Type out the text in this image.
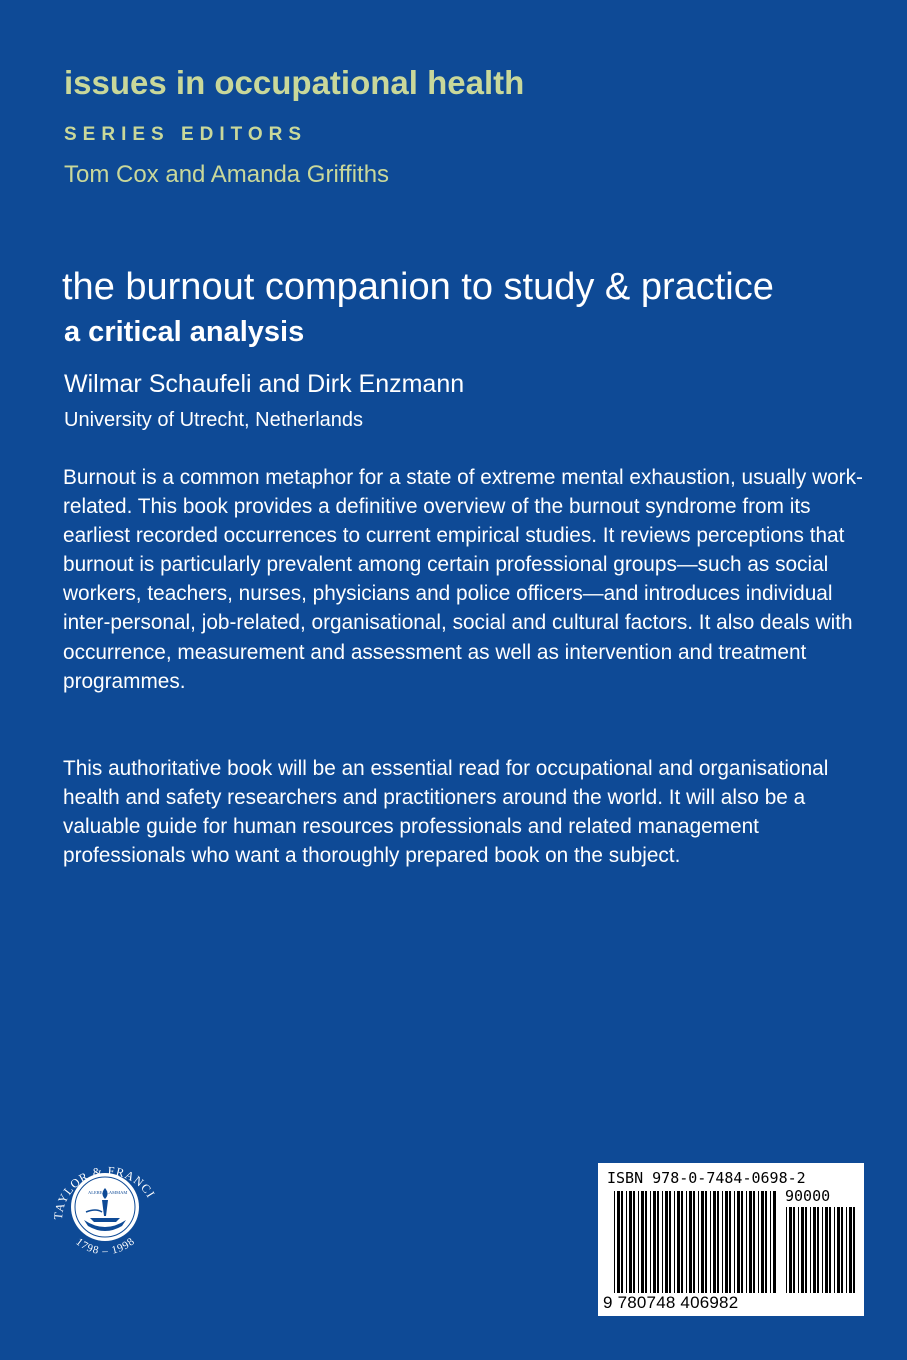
issues in occupational health
SERIES EDITORS
Tom Cox and Amanda Griffiths
the burnout companion to study & practice
a critical analysis
Wilmar Schaufeli and Dirk Enzmann
University of Utrecht, Netherlands

Burnout is a common metaphor for a state of extreme mental exhaustion, usually work-related. This book provides a definitive overview of the burnout syndrome from its earliest recorded occurrences to current empirical studies. It reviews perceptions that burnout is particularly prevalent among certain professional groups—such as social workers, teachers, nurses, physicians and police officers—and introduces individual inter-personal, job-related, organisational, social and cultural factors. It also deals with occurrence, measurement and assessment as well as intervention and treatment programmes.

This authoritative book will be an essential read for occupational and organisational health and safety researchers and practitioners around the world. It will also be a valuable guide for human resources professionals and related management professionals who want a thoroughly prepared book on the subject.

ALERE FLAMMAM
TAYLOR & FRANCI
1798 – 1998
ISBN 978-0-7484-0698-2
90000
9 780748 406982
